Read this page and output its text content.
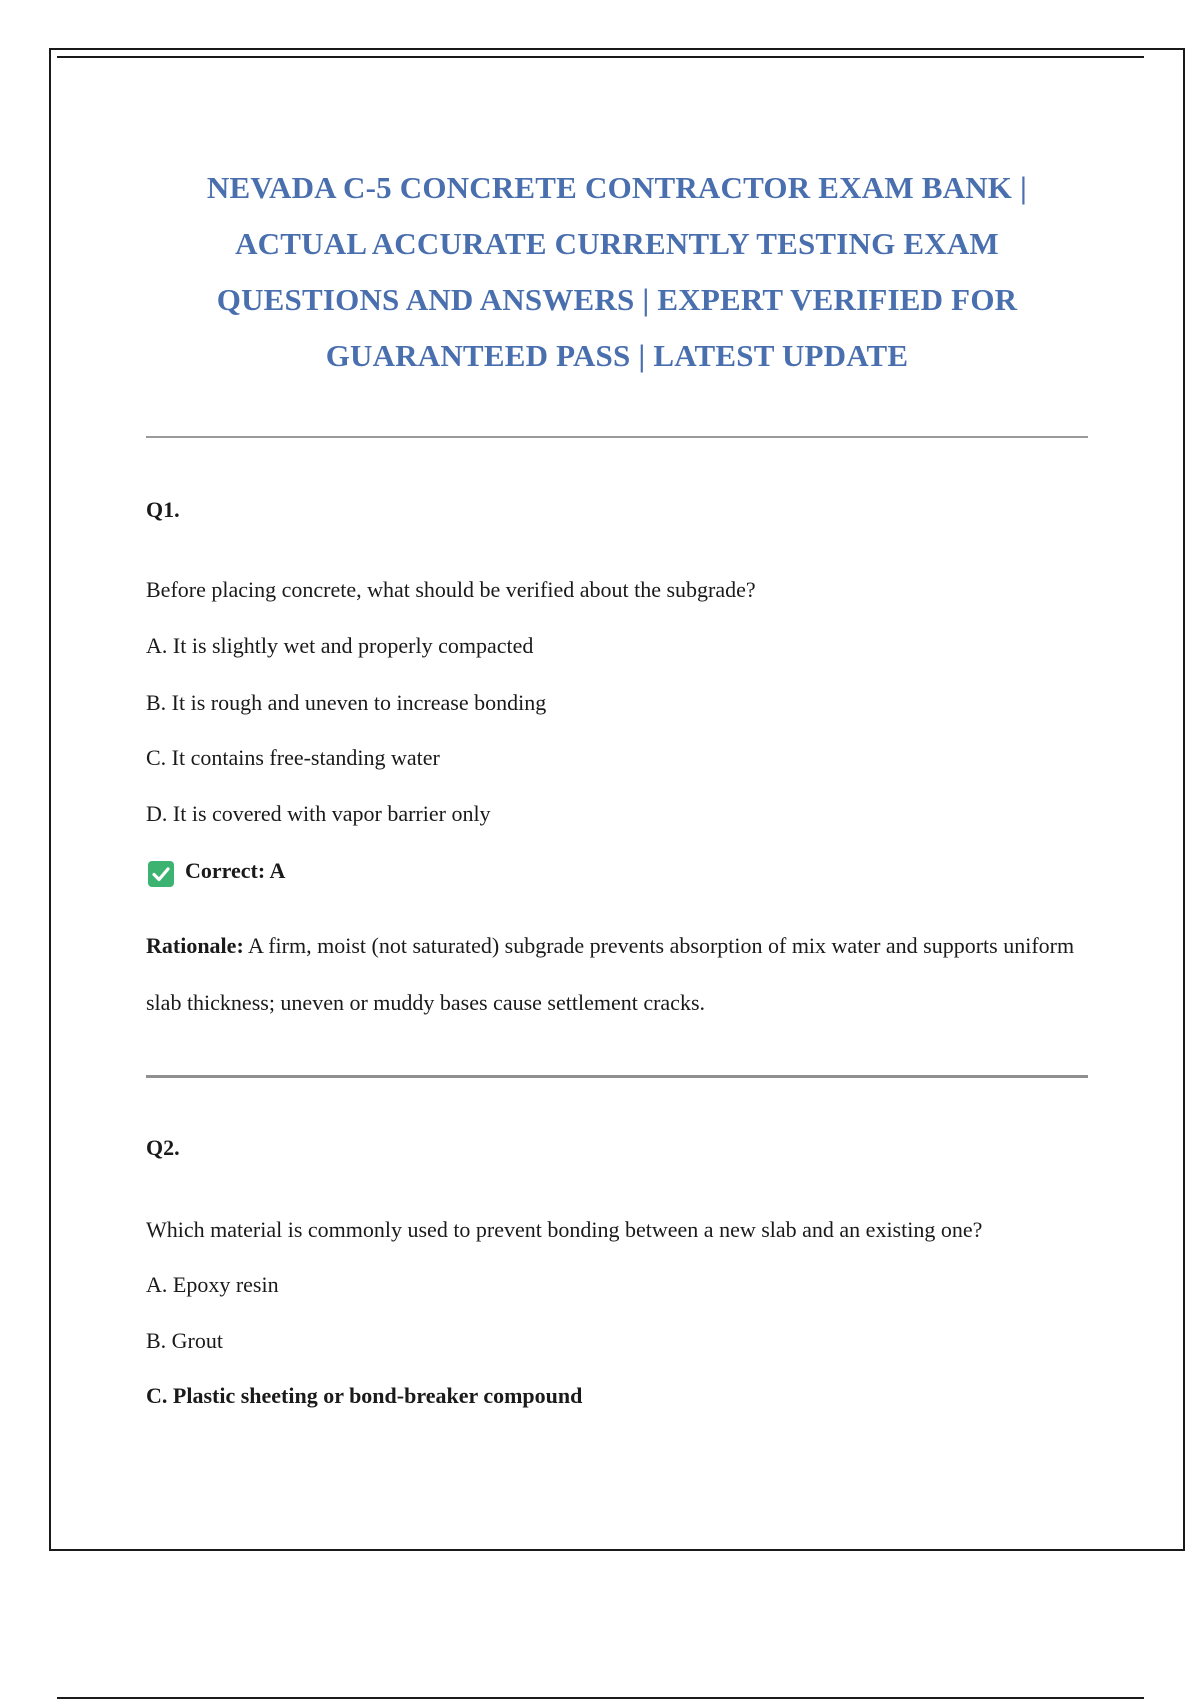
NEVADA C-5 CONCRETE CONTRACTOR EXAM BANK |
ACTUAL ACCURATE CURRENTLY TESTING EXAM
QUESTIONS AND ANSWERS | EXPERT VERIFIED FOR
GUARANTEED PASS | LATEST UPDATE
Q1.
Before placing concrete, what should be verified about the subgrade?
A. It is slightly wet and properly compacted
B. It is rough and uneven to increase bonding
C. It contains free-standing water
D. It is covered with vapor barrier only
Correct: A
Rationale: A firm, moist (not saturated) subgrade prevents absorption of mix water and supports uniform slab thickness; uneven or muddy bases cause settlement cracks.
Q2.
Which material is commonly used to prevent bonding between a new slab and an existing one?
A. Epoxy resin
B. Grout
C. Plastic sheeting or bond-breaker compound
